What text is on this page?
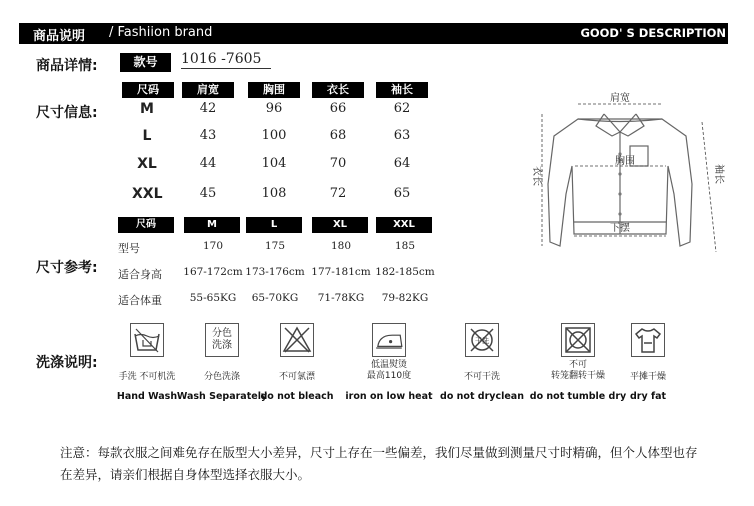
商品说明 / Fashiion brand	GOOD' S DESCRIPTION
商品详情:	款号	1016 -7605
尺寸信息:
尺码	肩宽	胸围	衣长	袖长
M	42	96	66	62
L	43	100	68	63
XL	44	104	70	64
XXL	45	108	72	65
尺寸参考:
尺码	M	L	XL	XXL
型号	170	175	180	185
适合身高	167-172cm 173-176cm 177-181cm 182-185cm
适合体重	55-65KG	65-70KG	71-78KG	79-82KG
肩宽
胸围
下摆
衣长	袖长
洗涤说明:
手洗 不可机洗
Hand Wash
分色
洗涤
分色洗涤
Wash Separately
不可氯漂
do not bleach
低温熨烫
最高110度
iron on low heat
干洗
不可干洗
do not dryclean
不可
转笼翻转干燥
do not tumble dry
平摊干燥
dry fat
注意：每款衣服之间难免存在版型大小差异，尺寸上存在一些偏差，我们尽量做到测量尺寸时精确，但个人体型也存在差异，请亲们根据自身体型选择衣服大小。
